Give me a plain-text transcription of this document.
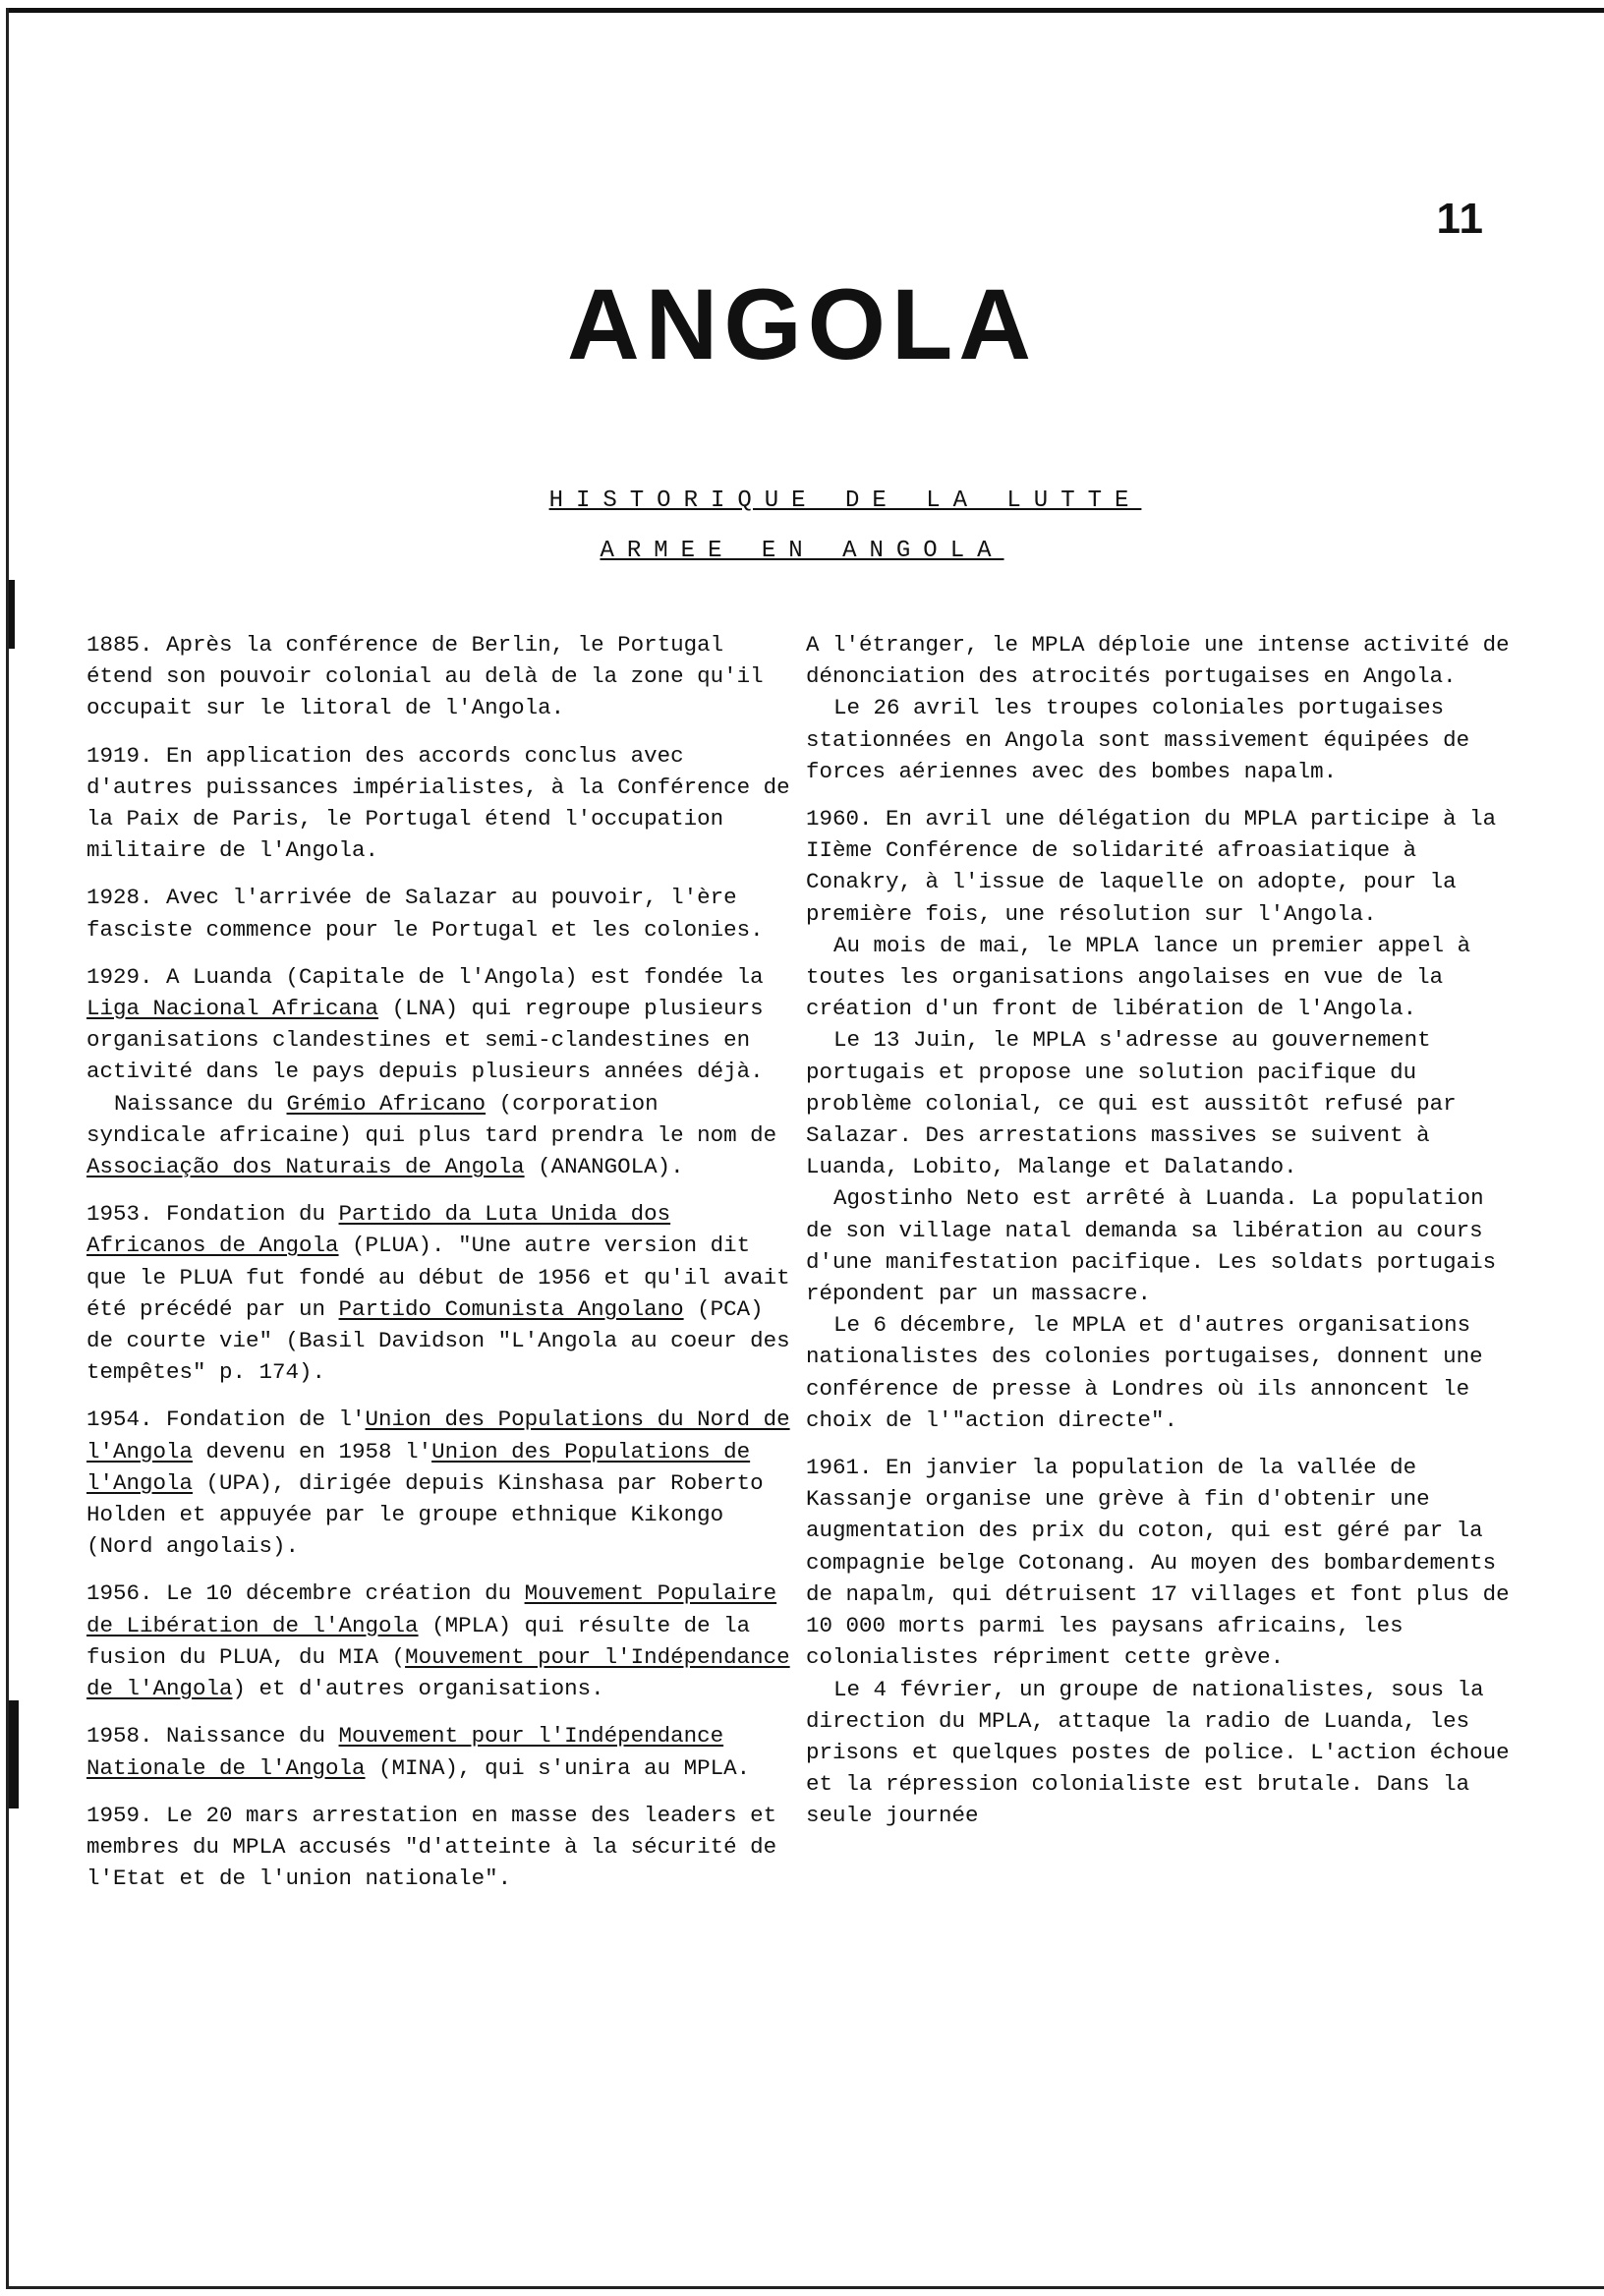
11
ANGOLA
HISTORIQUE DE LA LUTTE
ARMEE EN ANGOLA

1885. Après la conférence de Berlin, le Portugal étend son pouvoir colonial au delà de la zone qu'il occupait sur le litoral de l'Angola.

1919. En application des accords conclus avec d'autres puissances impérialistes, à la Conférence de la Paix de Paris, le Portugal étend l'occupation militaire de l'Angola.

1928. Avec l'arrivée de Salazar au pouvoir, l'ère fasciste commence pour le Portugal et les colonies.

1929. A Luanda (Capitale de l'Angola) est fondée la Liga Nacional Africana (LNA) qui regroupe plusieurs organisations clandestines et semi-clandestines en activité dans le pays depuis plusieurs années déjà.

Naissance du Grémio Africano (corporation syndicale africaine) qui plus tard prendra le nom de Associação dos Naturais de Angola (ANANGOLA).

1953. Fondation du Partido da Luta Unida dos Africanos de Angola (PLUA). "Une autre version dit que le PLUA fut fondé au début de 1956 et qu'il avait été précédé par un Partido Comunista Angolano (PCA) de courte vie" (Basil Davidson "L'Angola au coeur des tempêtes" p. 174).

1954. Fondation de l'Union des Populations du Nord de l'Angola devenu en 1958 l'Union des Populations de l'Angola (UPA), dirigée depuis Kinshasa par Roberto Holden et appuyée par le groupe ethnique Kikongo (Nord angolais).

1956. Le 10 décembre création du Mouvement Populaire de Libération de l'Angola (MPLA) qui résulte de la fusion du PLUA, du MIA (Mouvement pour l'Indépendance de l'Angola) et d'autres organisations.

1958. Naissance du Mouvement pour l'Indépendance Nationale de l'Angola (MINA), qui s'unira au MPLA.

1959. Le 20 mars arrestation en masse des leaders et membres du MPLA accusés "d'atteinte à la sécurité de l'Etat et de l'union nationale".

A l'étranger, le MPLA déploie une intense activité de dénonciation des atrocités portugaises en Angola.

Le 26 avril les troupes coloniales portugaises stationnées en Angola sont massivement équipées de forces aériennes avec des bombes napalm.

1960. En avril une délégation du MPLA participe à la IIème Conférence de solidarité afroasiatique à Conakry, à l'issue de laquelle on adopte, pour la première fois, une résolution sur l'Angola.

Au mois de mai, le MPLA lance un premier appel à toutes les organisations angolaises en vue de la création d'un front de libération de l'Angola.

Le 13 Juin, le MPLA s'adresse au gouvernement portugais et propose une solution pacifique du problème colonial, ce qui est aussitôt refusé par Salazar. Des arrestations massives se suivent à Luanda, Lobito, Malange et Dalatando.

Agostinho Neto est arrêté à Luanda. La population de son village natal demanda sa libération au cours d'une manifestation pacifique. Les soldats portugais répondent par un massacre.

Le 6 décembre, le MPLA et d'autres organisations nationalistes des colonies portugaises, donnent une conférence de presse à Londres où ils annoncent le choix de l'"action directe".

1961. En janvier la population de la vallée de Kassanje organise une grève à fin d'obtenir une augmentation des prix du coton, qui est géré par la compagnie belge Cotonang. Au moyen des bombardements de napalm, qui détruisent 17 villages et font plus de 10 000 morts parmi les paysans africains, les colonialistes répriment cette grève.

Le 4 février, un groupe de nationalistes, sous la direction du MPLA, attaque la radio de Luanda, les prisons et quelques postes de police. L'action échoue et la répression colonialiste est brutale. Dans la seule journée
